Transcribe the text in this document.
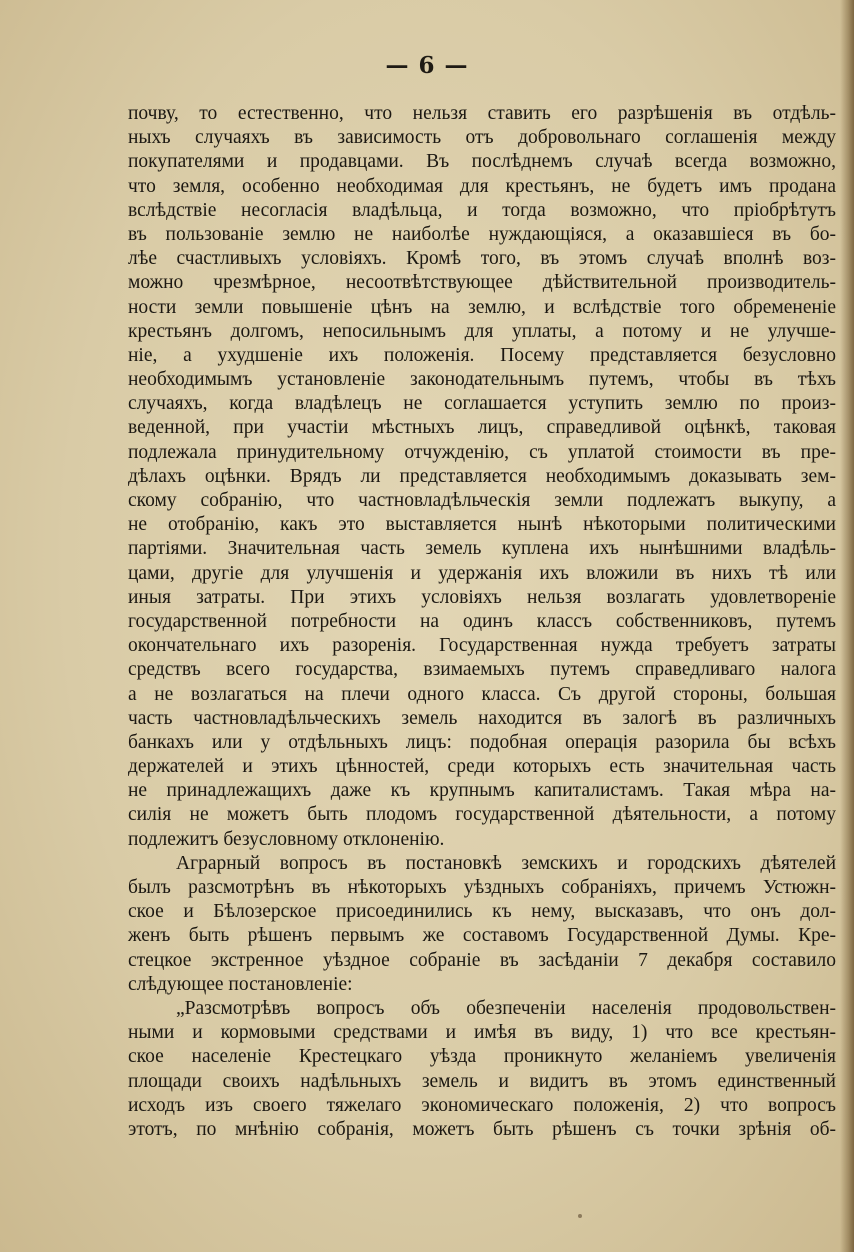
— 6 —
почву, то естественно, что нельзя ставить его разрѣшенія въ отдѣль-
ныхъ случаяхъ въ зависимость отъ добровольнаго соглашенія между
покупателями и продавцами. Въ послѣднемъ случаѣ всегда возможно,
что земля, особенно необходимая для крестьянъ, не будетъ имъ продана
вслѣдствіе несогласія владѣльца, и тогда возможно, что пріобрѣтутъ
въ пользованіе землю не наиболѣе нуждающіяся, а оказавшіеся въ бо-
лѣе счастливыхъ условіяхъ. Кромѣ того, въ этомъ случаѣ вполнѣ воз-
можно чрезмѣрное, несоотвѣтствующее дѣйствительной производитель-
ности земли повышеніе цѣнъ на землю, и вслѣдствіе того обремененіе
крестьянъ долгомъ, непосильнымъ для уплаты, а потому и не улучше-
ніе, а ухудшеніе ихъ положенія. Посему представляется безусловно
необходимымъ установленіе законодательнымъ путемъ, чтобы въ тѣхъ
случаяхъ, когда владѣлецъ не соглашается уступить землю по произ-
веденной, при участіи мѣстныхъ лицъ, справедливой оцѣнкѣ, таковая
подлежала принудительному отчужденію, съ уплатой стоимости въ пре-
дѣлахъ оцѣнки. Врядъ ли представляется необходимымъ доказывать зем-
скому собранію, что частновладѣльческія земли подлежатъ выкупу, а
не отобранію, какъ это выставляется нынѣ нѣкоторыми политическими
партіями. Значительная часть земель куплена ихъ нынѣшними владѣль-
цами, другіе для улучшенія и удержанія ихъ вложили въ нихъ тѣ или
иныя затраты. При этихъ условіяхъ нельзя возлагать удовлетвореніе
государственной потребности на одинъ классъ собственниковъ, путемъ
окончательнаго ихъ разоренія. Государственная нужда требуетъ затраты
средствъ всего государства, взимаемыхъ путемъ справедливаго налога
а не возлагаться на плечи одного класса. Съ другой стороны, большая
часть частновладѣльческихъ земель находится въ залогѣ въ различныхъ
банкахъ или у отдѣльныхъ лицъ: подобная операція разорила бы всѣхъ
держателей и этихъ цѣнностей, среди которыхъ есть значительная часть
не принадлежащихъ даже къ крупнымъ капиталистамъ. Такая мѣра на-
силія не можетъ быть плодомъ государственной дѣятельности, а потому
подлежитъ безусловному отклоненію.
Аграрный вопросъ въ постановкѣ земскихъ и городскихъ дѣятелей
былъ разсмотрѣнъ въ нѣкоторыхъ уѣздныхъ собраніяхъ, причемъ Устюжн-
ское и Бѣлозерское присоединились къ нему, высказавъ, что онъ дол-
женъ быть рѣшенъ первымъ же составомъ Государственной Думы. Кре-
стецкое экстренное уѣздное собраніе въ засѣданіи 7 декабря составило
слѣдующее постановленіе:
„Разсмотрѣвъ вопросъ объ обезпеченіи населенія продовольствен-
ными и кормовыми средствами и имѣя въ виду, 1) что все крестьян-
ское населеніе Крестецкаго уѣзда проникнуто желаніемъ увеличенія
площади своихъ надѣльныхъ земель и видитъ въ этомъ единственный
исходъ изъ своего тяжелаго экономическаго положенія, 2) что вопросъ
этотъ, по мнѣнію собранія, можетъ быть рѣшенъ съ точки зрѣнія об-
